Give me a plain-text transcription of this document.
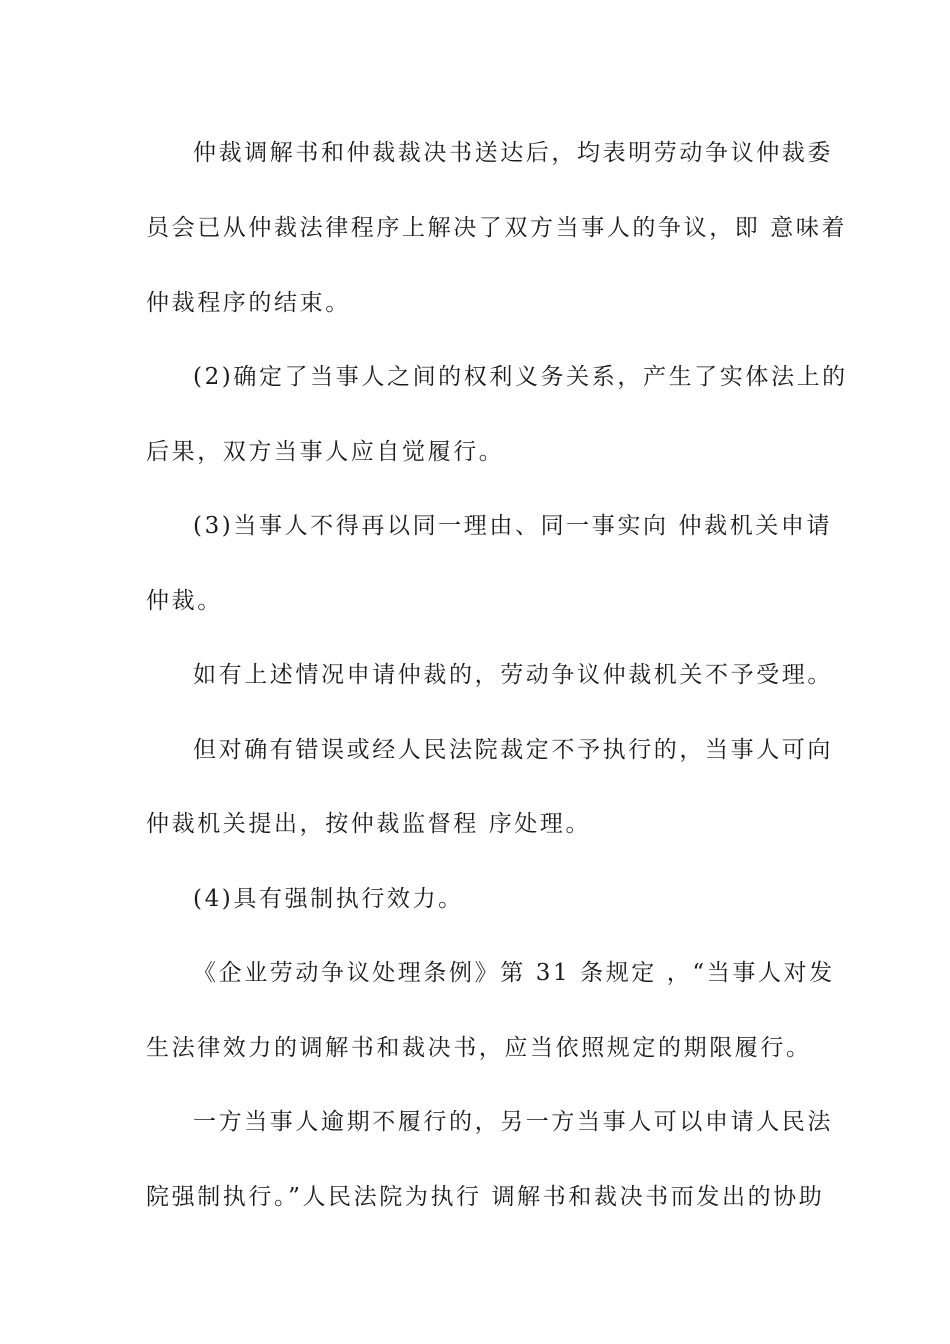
仲裁调解书和仲裁裁决书送达后，均表明劳动争议仲裁委
员会已从仲裁法律程序上解决了双方当事人的争议，即 意味着
仲裁程序的结束。
(2)确定了当事人之间的权利义务关系，产生了实体法上的
后果，双方当事人应自觉履行。
(3)当事人不得再以同一理由、同一事实向 仲裁机关申请
仲裁。
如有上述情况申请仲裁的，劳动争议仲裁机关不予受理。
但对确有错误或经人民法院裁定不予执行的，当事人可向
仲裁机关提出，按仲裁监督程 序处理。
(4)具有强制执行效力。
《企业劳动争议处理条例》第 31 条规定 ，“当事人对发
生法律效力的调解书和裁决书，应当依照规定的期限履行。
一方当事人逾期不履行的，另一方当事人可以申请人民法
院强制执行。”人民法院为执行 调解书和裁决书而发出的协助
